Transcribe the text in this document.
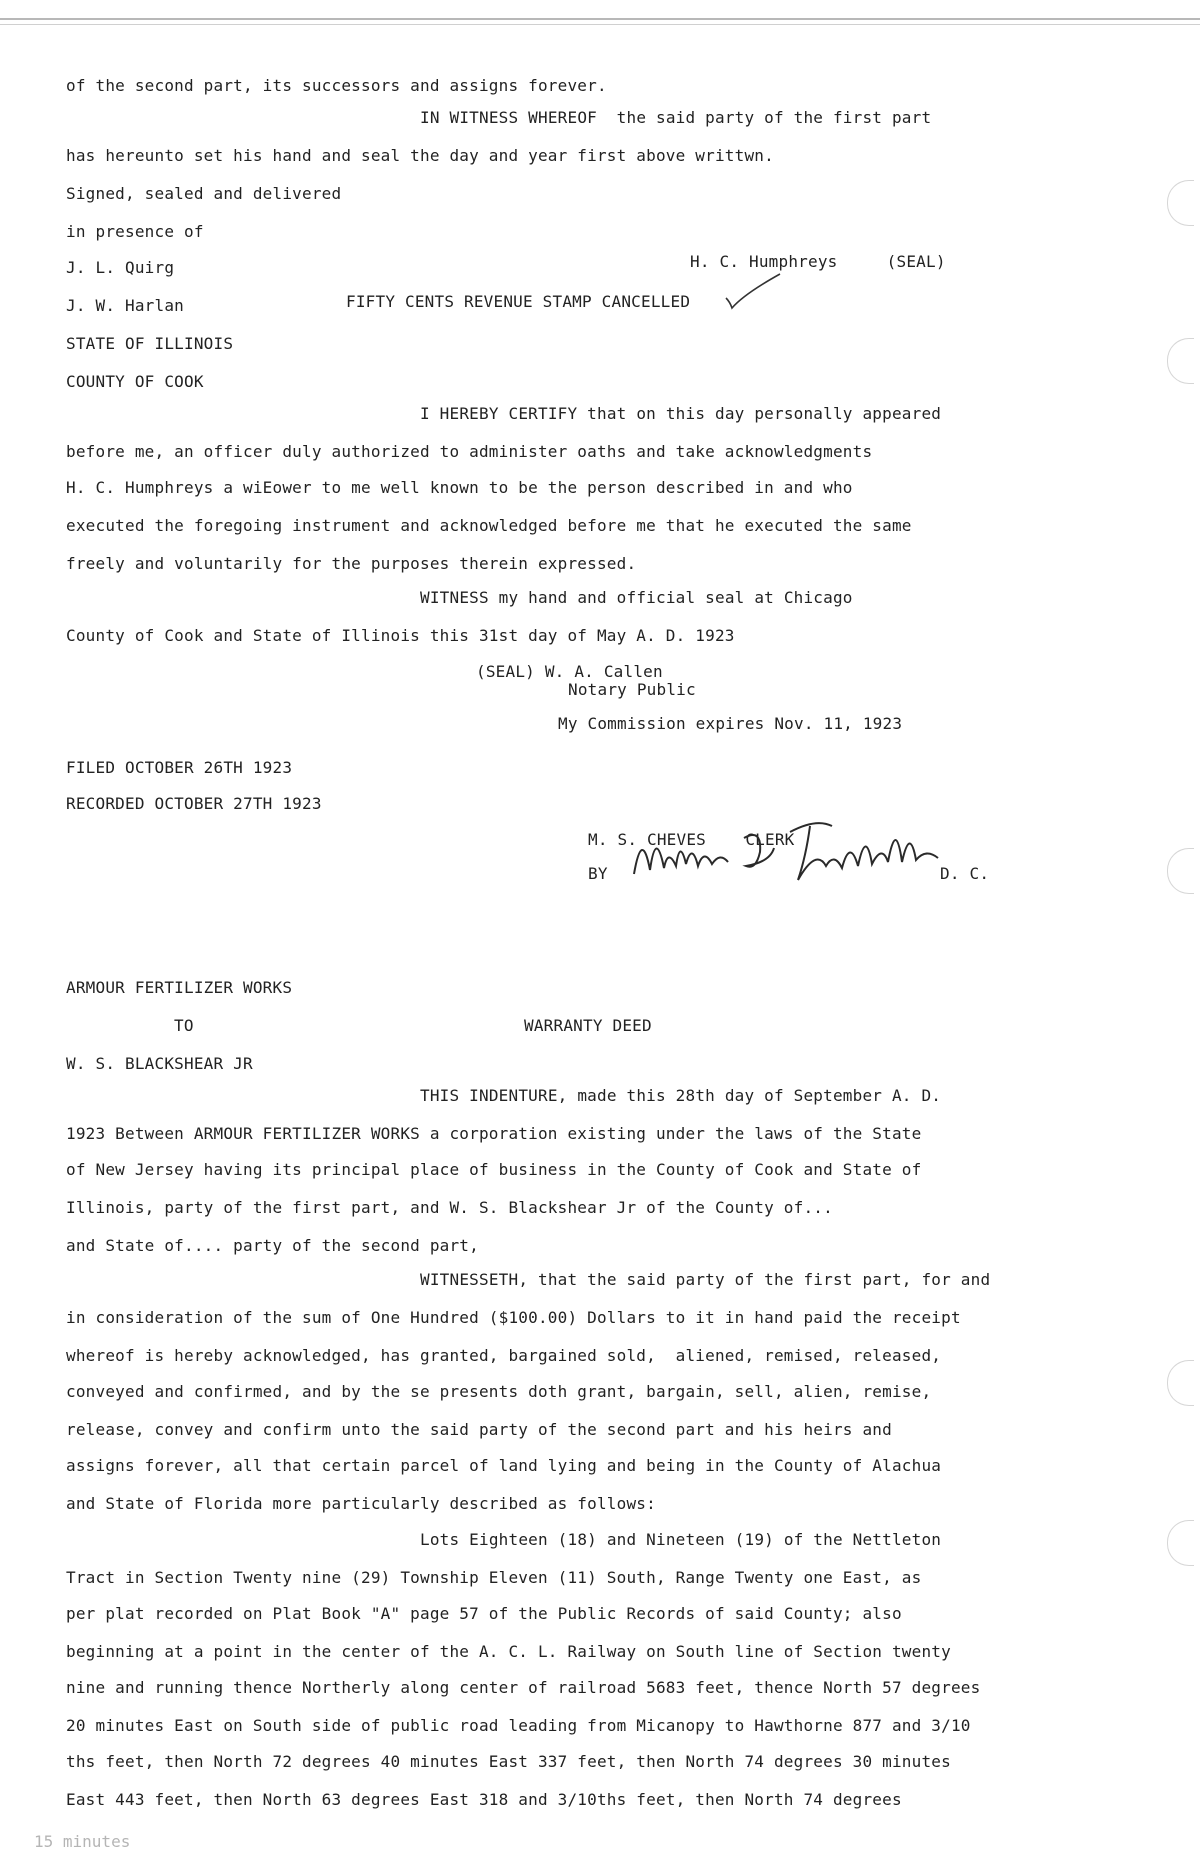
of the second part, its successors and assigns forever.
IN WITNESS WHEREOF  the said party of the first part
has hereunto set his hand and seal the day and year first above writtwn.
Signed, sealed and delivered
in presence of
J. L. Quirg	H. C. Humphreys     (SEAL)
J. W. Harlan	FIFTY CENTS REVENUE STAMP CANCELLED
STATE OF ILLINOIS
COUNTY OF COOK
I HEREBY CERTIFY that on this day personally appeared
before me, an officer duly authorized to administer oaths and take acknowledgments
H. C. Humphreys a wiEower to me well known to be the person described in and who
executed the foregoing instrument and acknowledged before me that he executed the same
freely and voluntarily for the purposes therein expressed.
WITNESS my hand and official seal at Chicago
County of Cook and State of Illinois this 31st day of May A. D. 1923
(SEAL) W. A. Callen
Notary Public
My Commission expires Nov. 11, 1923
FILED OCTOBER 26TH 1923
RECORDED OCTOBER 27TH 1923
M. S. CHEVES    CLERK
BY	D. C.
ARMOUR FERTILIZER WORKS
TO	WARRANTY DEED
W. S. BLACKSHEAR JR
THIS INDENTURE, made this 28th day of September A. D.
1923 Between ARMOUR FERTILIZER WORKS a corporation existing under the laws of the State
of New Jersey having its principal place of business in the County of Cook and State of
Illinois, party of the first part, and W. S. Blackshear Jr of the County of...
and State of.... party of the second part,
WITNESSETH, that the said party of the first part, for and
in consideration of the sum of One Hundred ($100.00) Dollars to it in hand paid the receipt
whereof is hereby acknowledged, has granted, bargained sold,  aliened, remised, released,
conveyed and confirmed, and by the se presents doth grant, bargain, sell, alien, remise,
release, convey and confirm unto the said party of the second part and his heirs and
assigns forever, all that certain parcel of land lying and being in the County of Alachua
and State of Florida more particularly described as follows:
Lots Eighteen (18) and Nineteen (19) of the Nettleton
Tract in Section Twenty nine (29) Township Eleven (11) South, Range Twenty one East, as
per plat recorded on Plat Book "A" page 57 of the Public Records of said County; also
beginning at a point in the center of the A. C. L. Railway on South line of Section twenty
nine and running thence Northerly along center of railroad 5683 feet, thence North 57 degrees
20 minutes East on South side of public road leading from Micanopy to Hawthorne 877 and 3/10
ths feet, then North 72 degrees 40 minutes East 337 feet, then North 74 degrees 30 minutes
East 443 feet, then North 63 degrees East 318 and 3/10ths feet, then North 74 degrees
15 minutes
